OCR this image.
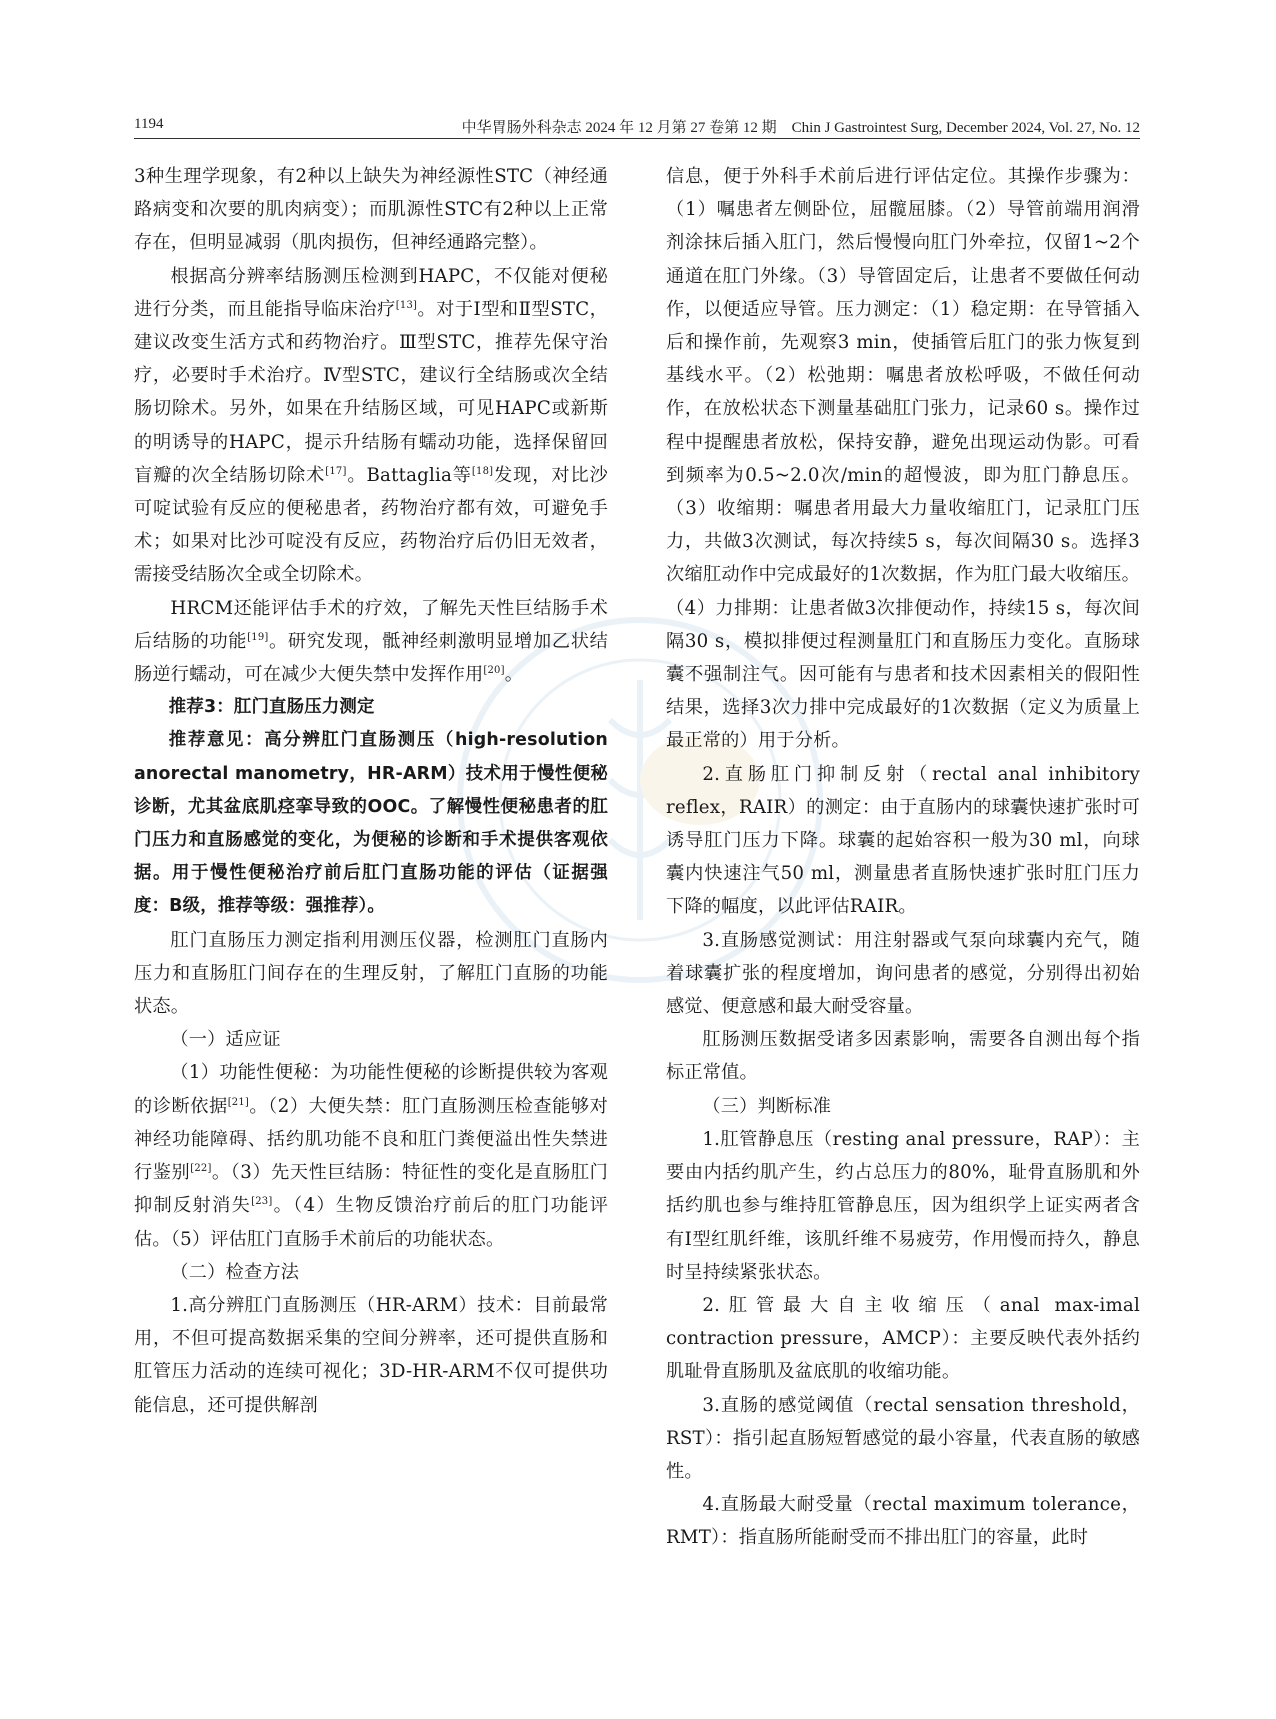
1194	中华胃肠外科杂志 2024 年 12 月第 27 卷第 12 期　Chin J Gastrointest Surg, December 2024, Vol. 27, No. 12

3种生理学现象，有2种以上缺失为神经源性STC（神经通路病变和次要的肌肉病变）；而肌源性STC有2种以上正常存在，但明显减弱（肌肉损伤，但神经通路完整）。

根据高分辨率结肠测压检测到HAPC，不仅能对便秘进行分类，而且能指导临床治疗[13]。对于Ⅰ型和Ⅱ型STC，建议改变生活方式和药物治疗。Ⅲ型STC，推荐先保守治疗，必要时手术治疗。Ⅳ型STC，建议行全结肠或次全结肠切除术。另外，如果在升结肠区域，可见HAPC或新斯的明诱导的HAPC，提示升结肠有蠕动功能，选择保留回盲瓣的次全结肠切除术[17]。Battaglia等[18]发现，对比沙可啶试验有反应的便秘患者，药物治疗都有效，可避免手术；如果对比沙可啶没有反应，药物治疗后仍旧无效者，需接受结肠次全或全切除术。

HRCM还能评估手术的疗效，了解先天性巨结肠手术后结肠的功能[19]。研究发现，骶神经刺激明显增加乙状结肠逆行蠕动，可在减少大便失禁中发挥作用[20]。

推荐3：肛门直肠压力测定

推荐意见：高分辨肛门直肠测压（high-resolution anorectal manometry，HR-ARM）技术用于慢性便秘诊断，尤其盆底肌痉挛导致的OOC。了解慢性便秘患者的肛门压力和直肠感觉的变化，为便秘的诊断和手术提供客观依据。用于慢性便秘治疗前后肛门直肠功能的评估（证据强度：B级，推荐等级：强推荐）。

肛门直肠压力测定指利用测压仪器，检测肛门直肠内压力和直肠肛门间存在的生理反射，了解肛门直肠的功能状态。

（一）适应证

（1）功能性便秘：为功能性便秘的诊断提供较为客观的诊断依据[21]。（2）大便失禁：肛门直肠测压检查能够对神经功能障碍、括约肌功能不良和肛门粪便溢出性失禁进行鉴别[22]。（3）先天性巨结肠：特征性的变化是直肠肛门抑制反射消失[23]。（4）生物反馈治疗前后的肛门功能评估。（5）评估肛门直肠手术前后的功能状态。

（二）检查方法

1.高分辨肛门直肠测压（HR-ARM）技术：目前最常用，不但可提高数据采集的空间分辨率，还可提供直肠和肛管压力活动的连续可视化；3D-HR-ARM不仅可提供功能信息，还可提供解剖

信息，便于外科手术前后进行评估定位。其操作步骤为：（1）嘱患者左侧卧位，屈髋屈膝。（2）导管前端用润滑剂涂抹后插入肛门，然后慢慢向肛门外牵拉，仅留1~2个通道在肛门外缘。（3）导管固定后，让患者不要做任何动作，以便适应导管。压力测定：（1）稳定期：在导管插入后和操作前，先观察3 min，使插管后肛门的张力恢复到基线水平。（2）松弛期：嘱患者放松呼吸，不做任何动作，在放松状态下测量基础肛门张力，记录60 s。操作过程中提醒患者放松，保持安静，避免出现运动伪影。可看到频率为0.5~2.0次/min的超慢波，即为肛门静息压。（3）收缩期：嘱患者用最大力量收缩肛门，记录肛门压力，共做3次测试，每次持续5 s，每次间隔30 s。选择3次缩肛动作中完成最好的1次数据，作为肛门最大收缩压。（4）力排期：让患者做3次排便动作，持续15 s，每次间隔30 s，模拟排便过程测量肛门和直肠压力变化。直肠球囊不强制注气。因可能有与患者和技术因素相关的假阳性结果，选择3次力排中完成最好的1次数据（定义为质量上最正常的）用于分析。

2.直肠肛门抑制反射（rectal anal inhibitory reflex，RAIR）的测定：由于直肠内的球囊快速扩张时可诱导肛门压力下降。球囊的起始容积一般为30 ml，向球囊内快速注气50 ml，测量患者直肠快速扩张时肛门压力下降的幅度，以此评估RAIR。

3.直肠感觉测试：用注射器或气泵向球囊内充气，随着球囊扩张的程度增加，询问患者的感觉，分别得出初始感觉、便意感和最大耐受容量。

肛肠测压数据受诸多因素影响，需要各自测出每个指标正常值。

（三）判断标准

1.肛管静息压（resting anal pressure，RAP）：主要由内括约肌产生，约占总压力的80%，耻骨直肠肌和外括约肌也参与维持肛管静息压，因为组织学上证实两者含有Ⅰ型红肌纤维，该肌纤维不易疲劳，作用慢而持久，静息时呈持续紧张状态。

2.肛管最大自主收缩压（anal max-imal contraction pressure，AMCP）：主要反映代表外括约肌耻骨直肠肌及盆底肌的收缩功能。

3.直肠的感觉阈值（rectal sensation threshold，RST）：指引起直肠短暂感觉的最小容量，代表直肠的敏感性。

4.直肠最大耐受量（rectal maximum tolerance，RMT）：指直肠所能耐受而不排出肛门的容量，此时
